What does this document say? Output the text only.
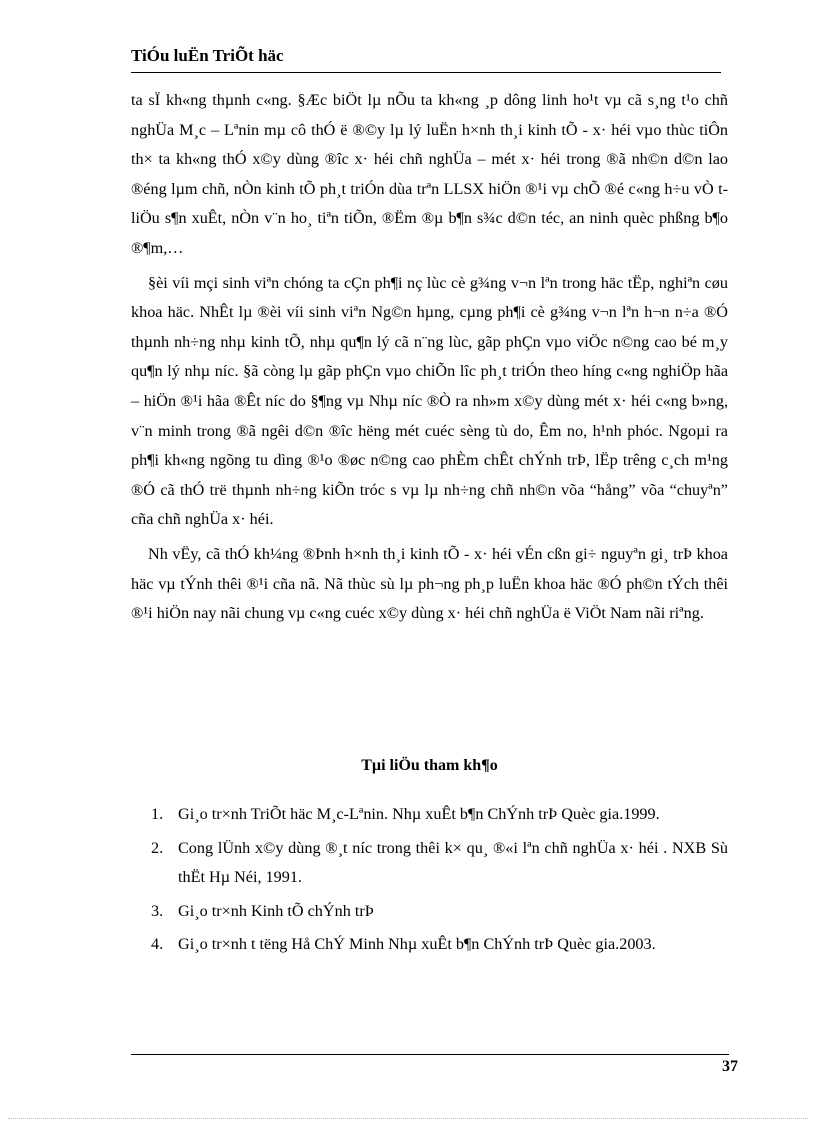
TiÓu luËn TriÕt häc

ta sÏ kh«ng thµnh c«ng. §Æc biÖt lµ nÕu ta kh«ng ¸p dông linh ho¹t vµ cã s¸ng t¹o chñ nghÜa M¸c – Lªnin mµ cô thÓ ë ®©y lµ lý luËn h×nh th¸i kinh tÕ - x· héi vµo thùc tiÔn th× ta kh«ng thÓ x©y dùng ®îc x· héi chñ nghÜa – mét x· héi trong ®ã nh©n d©n lao ®éng lµm chñ, nÒn kinh tÕ ph¸t triÓn dùa trªn LLSX hiÖn ®¹i vµ chÕ ®é c«ng h÷u vÒ t liÖu s¶n xuÊt, nÒn v¨n ho¸ tiªn tiÕn, ®Ëm ®µ b¶n s¾c d©n téc, an ninh quèc phßng b¶o ®¶m,…

§èi víi mçi sinh viªn chóng ta cÇn ph¶i nç lùc cè g¾ng v¬n lªn trong häc tËp, nghiªn cøu khoa häc. NhÊt lµ ®èi víi sinh viªn Ng©n hµng, cµng ph¶i cè g¾ng v¬n lªn h¬n n÷a ®Ó thµnh nh÷ng nhµ kinh tÕ, nhµ qu¶n lý cã n¨ng lùc, gãp phÇn vµo viÖc n©ng cao bé m¸y qu¶n lý nhµ níc. §ã còng lµ gãp phÇn vµo chiÕn lîc ph¸t triÓn theo híng c«ng nghiÖp hãa – hiÖn ®¹i hãa ®Êt níc do §¶ng vµ Nhµ níc ®Ò ra nh»m x©y dùng mét x· héi c«ng b»ng, v¨n minh trong ®ã ngêi d©n ®îc hëng mét cuéc sèng tù do, Êm no, h¹nh phóc. Ngoµi ra ph¶i kh«ng ngõng tu dìng ®¹o ®øc n©ng cao phÈm chÊt chÝnh trÞ, lËp trêng c¸ch m¹ng ®Ó cã thÓ trë thµnh nh÷ng kiÕn tróc s vµ lµ nh÷ng chñ nh©n võa “hång” võa “chuyªn” cña chñ nghÜa x· héi.

Nh vËy, cã thÓ kh¼ng ®Þnh h×nh th¸i kinh tÕ - x· héi vÉn cßn gi÷ nguyªn gi¸ trÞ khoa häc vµ tÝnh thêi ®¹i cña nã. Nã thùc sù lµ ph¬ng ph¸p luËn khoa häc ®Ó ph©n tÝch thêi ®¹i hiÖn nay nãi chung vµ c«ng cuéc x©y dùng x· héi chñ nghÜa ë ViÖt Nam nãi riªng.

Tµi liÖu tham kh¶o
1. Gi¸o tr×nh TriÕt häc M¸c-Lªnin. Nhµ xuÊt b¶n ChÝnh trÞ Quèc gia.1999.
2. Cong lÜnh x©y dùng ®¸t níc trong thêi k× qu¸ ®«i lªn chñ nghÜa x· héi . NXB Sù thËt Hµ Néi, 1991.
3. Gi¸o tr×nh Kinh tÕ chÝnh trÞ
4. Gi¸o tr×nh t tëng Hå ChÝ Minh Nhµ xuÊt b¶n ChÝnh trÞ Quèc gia.2003.
37
